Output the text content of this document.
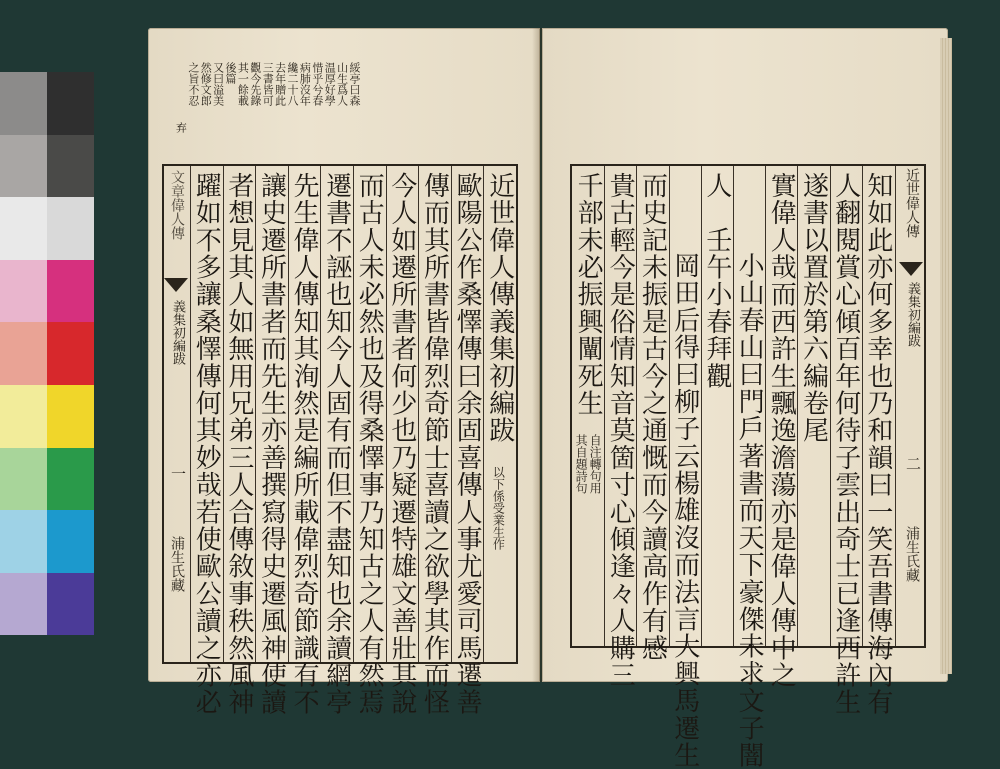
綏亭曰森
山生爲人
温厚好學
惜乎兮春
病肺沒年
纔二十八
去年贈此
三書皆可
觀今先錄
其一餘載
後篇
又曰溢美
然修文郎
之旨不忍
弃
文章偉人傳
義集初編跋
一
浦生氏藏
近世偉人傳義集初編跋
歐陽公作桑懌傳曰余固喜傳人事尤愛司馬遷善
傳而其所書皆偉烈奇節士喜讀之欲學其作而怪
今人如遷所書者何少也乃疑遷特雄文善壯其說
而古人未必然也及得桑懌事乃知古之人有然焉
遷書不誣也知今人固有而但不盡知也余讀網亭
先生偉人傳知其洵然是編所載偉烈奇節識有不
讓史遷所書者而先生亦善撰寫得史遷風神使讀
者想見其人如無用兄弟三人合傳敘事秩然風神
躍如不多讓桑懌傳何其妙哉若使歐公讀之亦必	以下係受業生作	知如此亦何多幸也乃和韻曰一笑吾書傳海內有
人翻閱賞心傾百年何待子雲出奇士已逢西許生
遂書以置於第六編卷尾
實偉人哉而西許生飄逸澹蕩亦是偉人傳中之
小山春山曰門戶著書而天下豪傑未求文子闇
人　壬午小春拜觀
岡田后得曰柳子云楊雄沒而法言大興馬遷生
而史記未振是古今之通慨而今讀高作有感
貴古輕今是俗情知音莫箇寸心傾逢々人購三
千部未必振興闡死生
自注轉句用
其自題詩句
近世偉人傳
義集初編跋
二
浦生氏藏
